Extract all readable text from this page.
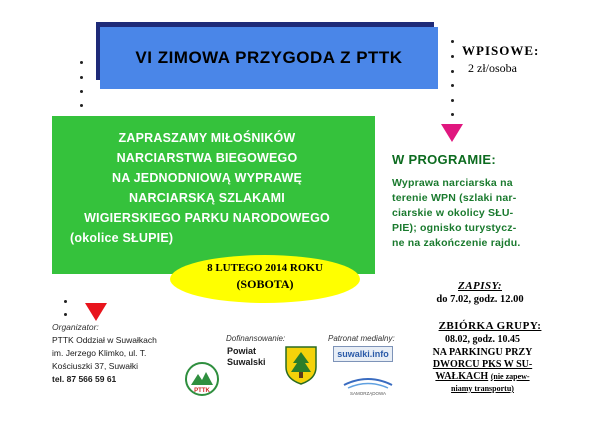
VI ZIMOWA PRZYGODA Z PTTK	WPISOWE:
2 zł/osoba
ZAPRASZAMY MIŁOŚNIKÓW
NARCIARSTWA BIEGOWEGO
NA JEDNODNIOWĄ WYPRAWĘ
NARCIARSKĄ SZLAKAMI
WIGIERSKIEGO PARKU NARODOWEGO
(okolice SŁUPIE)
8 LUTEGO 2014 ROKU
(SOBOTA)
W PROGRAMIE:
Wyprawa narciarska na
terenie WPN (szlaki nar-
ciarskie w okolicy SŁU-
PIE); ognisko turystycz-
ne na zakończenie rajdu.
ZAPISY:
do 7.02, godz. 12.00
ZBIÓRKA GRUPY:
08.02, godz. 10.45
NA PARKINGU PRZY
DWORCU PKS W SU-
WAŁKACH (nie zapew-
niamy transportu)
Organizator:
PTTK Oddział w Suwałkach
im. Jerzego Klimko, ul. T.
Kościuszki 37, Suwałki
tel. 87 566 59 61
PTTK
Dofinansowanie:
Powiat
Suwalski
Patronat medialny:
suwalki.info
SAMORZĄDOWA
